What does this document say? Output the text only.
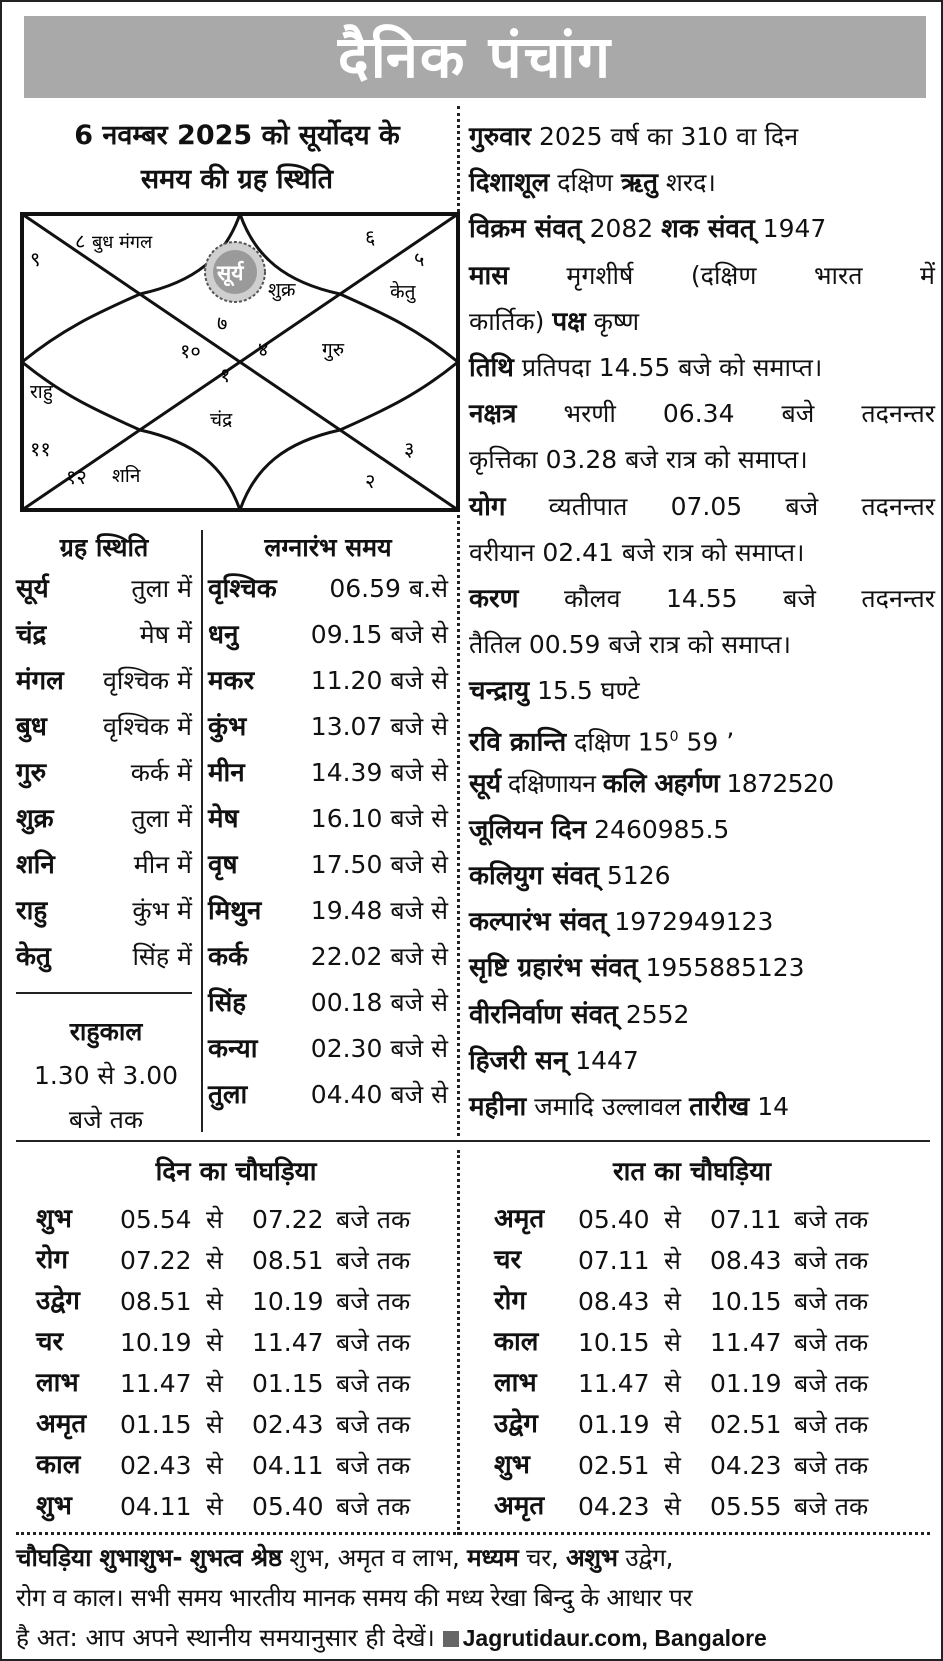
दैनिक पंचांग
6 नवम्बर 2025 को सूर्योदय के
समय की ग्रह स्थिति
८ बुध मंगल
९
६
५
केतु
सूर्य
शुक्र
७
१०	४	गुरु
१
राहु
चंद्र
११	३
१२ शनि	२
गुरुवार 2025 वर्ष का 310 वा दिन
दिशाशूल दक्षिण ऋतु शरद।
विक्रम संवत् 2082 शक संवत् 1947
मास मृगशीर्ष (दक्षिण भारत में
कार्तिक) पक्ष कृष्ण
तिथि प्रतिपदा 14.55 बजे को समाप्त।
नक्षत्र भरणी 06.34 बजे तदनन्तर
कृत्तिका 03.28 बजे रात्र को समाप्त।
योग व्यतीपात 07.05 बजे तदनन्तर
वरीयान 02.41 बजे रात्र को समाप्त।
करण कौलव 14.55 बजे तदनन्तर
तैतिल 00.59 बजे रात्र को समाप्त।
चन्द्रायु 15.5 घण्टे
रवि क्रान्ति दक्षिण $15^0$ 59 ’
सूर्य दक्षिणायन कलि अहर्गण 1872520
जूलियन दिन 2460985.5
कलियुग संवत् 5126
कल्पारंभ संवत् 1972949123
सृष्टि ग्रहारंभ संवत् 1955885123
वीरनिर्वाण संवत् 2552
हिजरी सन् 1447
महीना जमादि उल्लावल तारीख 14
ग्रह स्थिति
राहुकाल
1.30 से 3.00
बजे तक
लग्नारंभ समय
दिन का चौघड़िया	रात का चौघड़िया
चौघड़िया शुभाशुभ- शुभत्व श्रेष्ठ शुभ, अमृत व लाभ, मध्यम चर, अशुभ उद्वेग,
रोग व काल। सभी समय भारतीय मानक समय की मध्य रेखा बिन्दु के आधार पर
है अत: आप अपने स्थानीय समयानुसार ही देखें। Jagrutidaur.com, Bangalore
सूर्य	तुला में
चंद्र	मेष में
मंगल वृश्चिक में
बुध वृश्चिक में
गुरु	कर्क में
शुक्र	तुला में
शनि	मीन में
राहु	कुंभ में
केतु	सिंह में
वृश्चिक 06.59 ब.से
धनु	09.15 बजे से
मकर 11.20 बजे से
कुंभ	13.07 बजे से
मीन	14.39 बजे से
मेष	16.10 बजे से
वृष	17.50 बजे से
मिथुन 19.48 बजे से
कर्क	22.02 बजे से
सिंह	00.18 बजे से
कन्या 02.30 बजे से
तुला	04.40 बजे से
शुभ 05.54 से 07.22 बजे तक
रोग 07.22 से 08.51 बजे तक
उद्वेग 08.51 से 10.19 बजे तक
चर 10.19 से 11.47 बजे तक
लाभ 11.47 से 01.15 बजे तक
अमृत 01.15 से 02.43 बजे तक
काल 02.43 से 04.11 बजे तक
शुभ 04.11 से 05.40 बजे तक
अमृत 05.40 से 07.11 बजे तक
चर 07.11 से 08.43 बजे तक
रोग 08.43 से 10.15 बजे तक
काल 10.15 से 11.47 बजे तक
लाभ 11.47 से 01.19 बजे तक
उद्वेग 01.19 से 02.51 बजे तक
शुभ 02.51 से 04.23 बजे तक
अमृत 04.23 से 05.55 बजे तक
